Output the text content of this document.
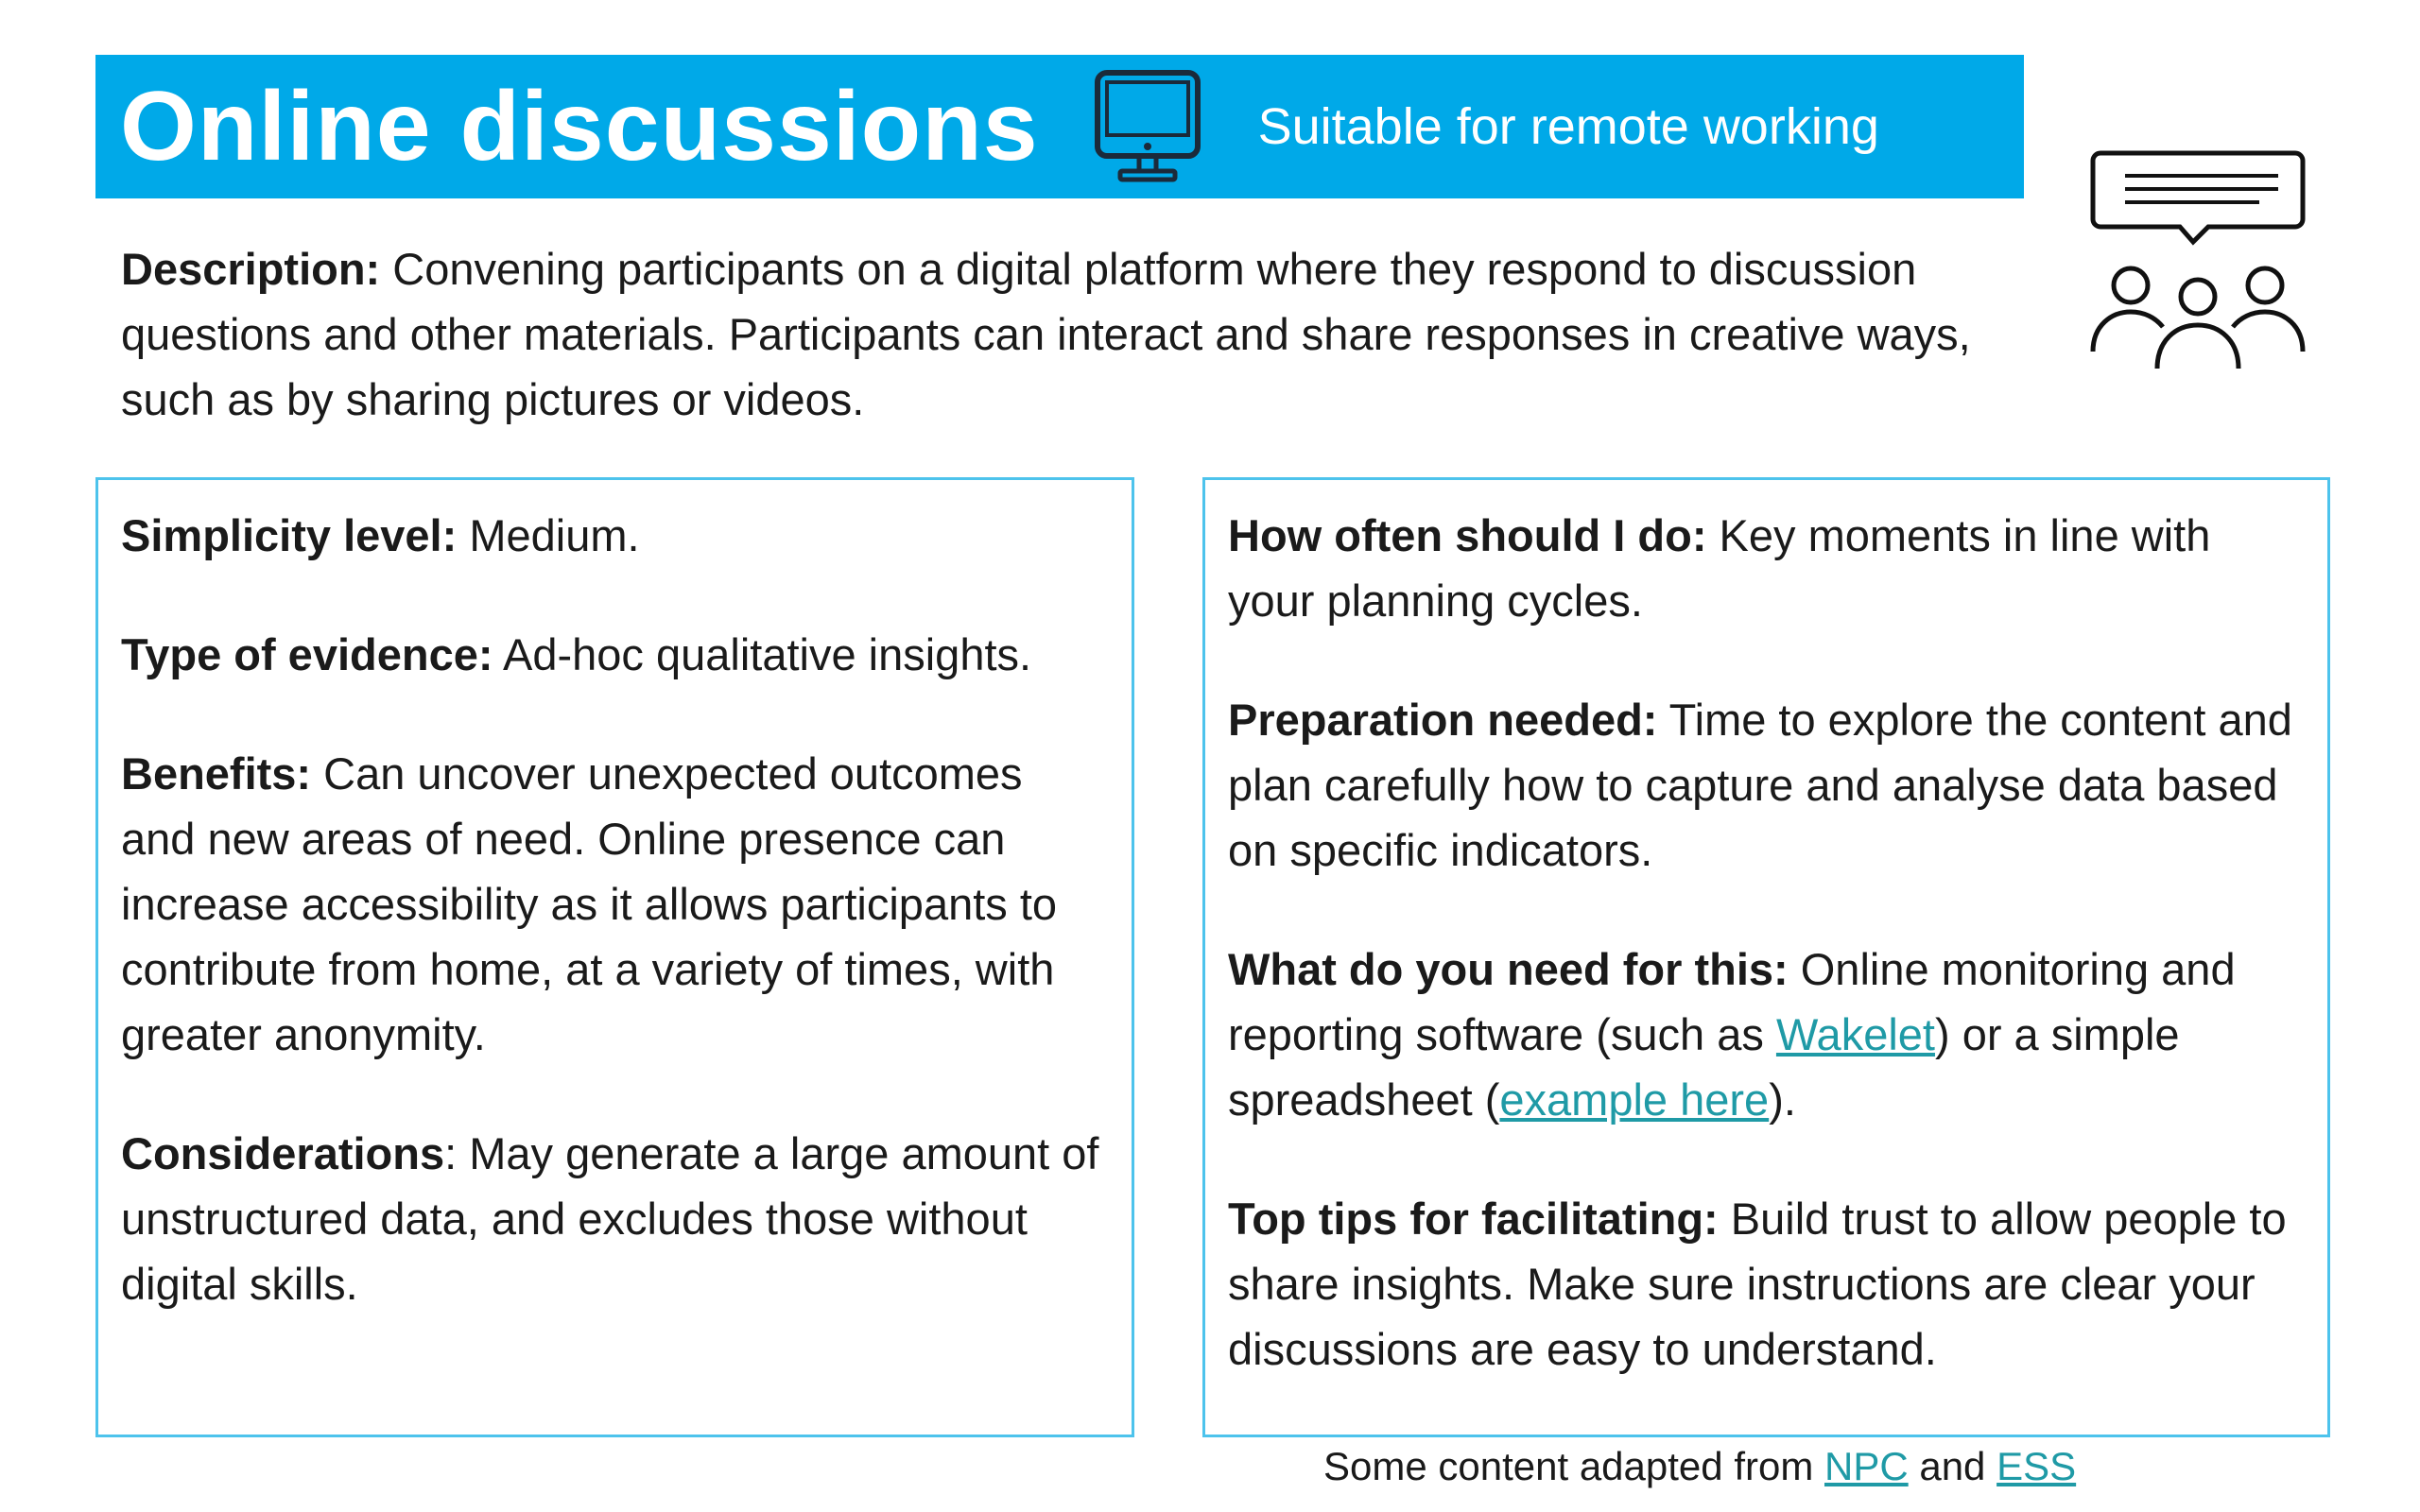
Online discussions	Suitable for remote working

Description: Convening participants on a digital platform where they respond to discussion questions and other materials. Participants can interact and share responses in creative ways, such as by sharing pictures or videos.

Simplicity level: Medium.

Type of evidence: Ad-hoc qualitative insights.

Benefits: Can uncover unexpected outcomes and new areas of need. Online presence can increase accessibility as it allows participants to contribute from home, at a variety of times, with greater anonymity.

Considerations: May generate a large amount of unstructured data, and excludes those without digital skills.

How often should I do: Key moments in line with your planning cycles.

Preparation needed: Time to explore the content and plan carefully how to capture and analyse data based on specific indicators.

What do you need for this: Online monitoring and reporting software (such as Wakelet) or a simple spreadsheet (example here).

Top tips for facilitating: Build trust to allow people to share insights. Make sure instructions are clear your discussions are easy to understand.

Some content adapted from NPC and ESS
